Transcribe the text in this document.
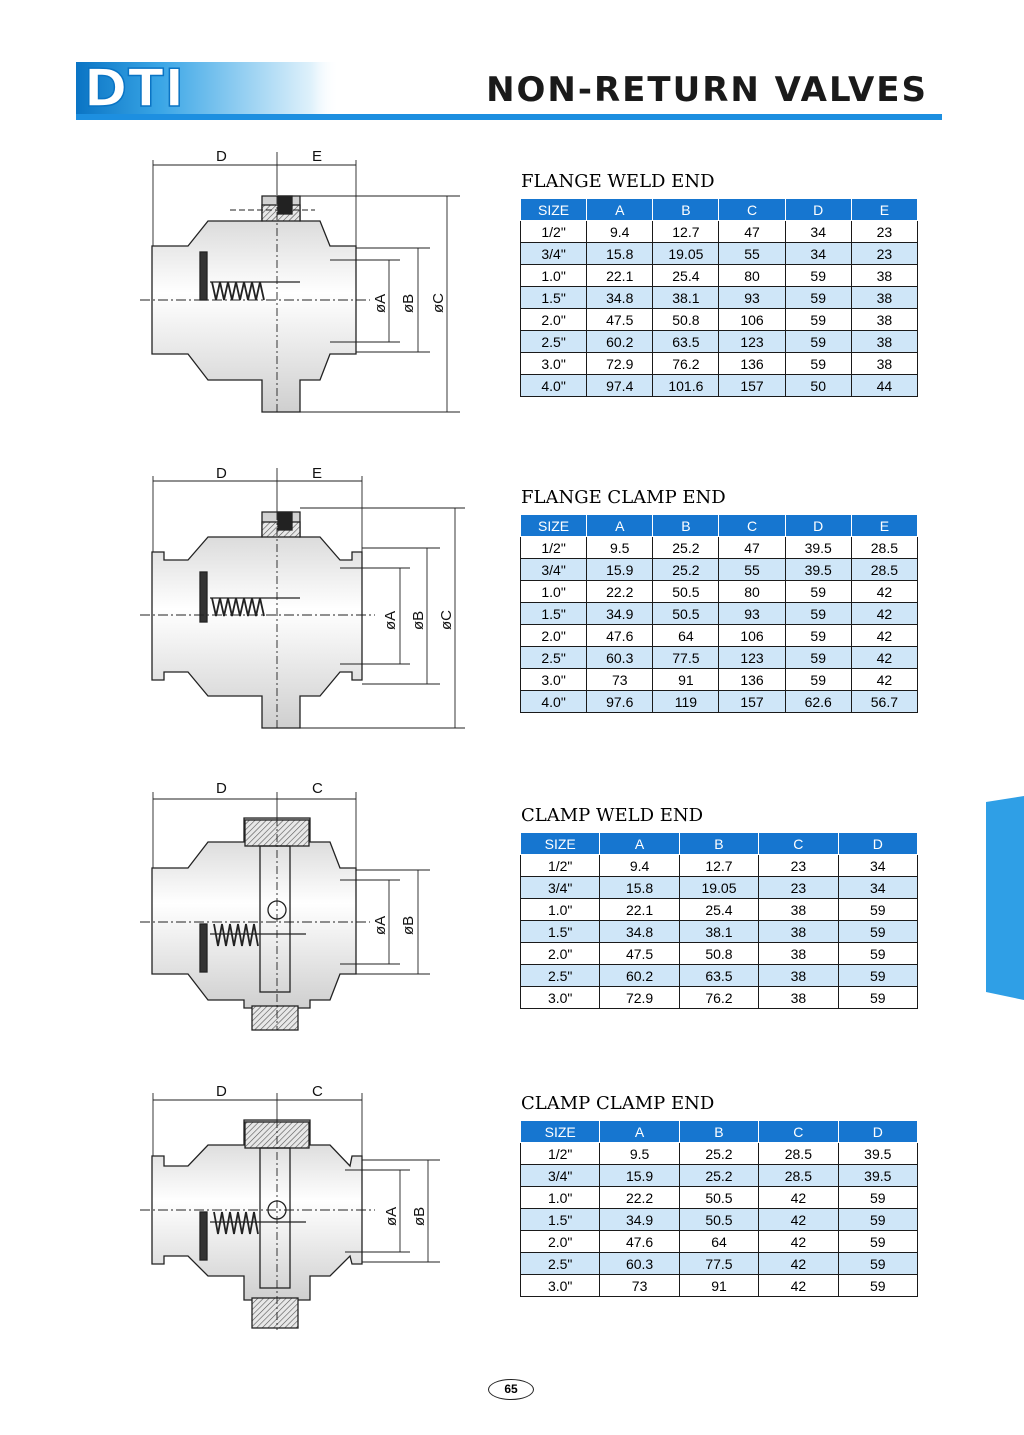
DTI	NON-RETURN VALVES
FLANGE WELD END
FLANGE CLAMP END
CLAMP WELD END
CLAMP CLAMP END
SIZE	A	B	C	D	E
1/2"	9.4	12.7	47	34	23
3/4"	15.8	19.05	55	34	23
1.0"	22.1	25.4	80	59	38
1.5"	34.8	38.1	93	59	38
2.0"	47.5	50.8	106	59	38
2.5"	60.2	63.5	123	59	38
3.0"	72.9	76.2	136	59	38
4.0"	97.4	101.6	157	50	44
SIZE	A	B	C	D	E
1/2"	9.5	25.2	47	39.5	28.5
3/4"	15.9	25.2	55	39.5	28.5
1.0"	22.2	50.5	80	59	42
1.5"	34.9	50.5	93	59	42
2.0"	47.6	64	106	59	42
2.5"	60.3	77.5	123	59	42
3.0"	73	91	136	59	42
4.0"	97.6	119	157	62.6	56.7
SIZE	A	B	C	D
1/2"	9.4	12.7	23	34
3/4"	15.8	19.05	23	34
1.0"	22.1	25.4	38	59
1.5"	34.8	38.1	38	59
2.0"	47.5	50.8	38	59
2.5"	60.2	63.5	38	59
3.0"	72.9	76.2	38	59
SIZE	A	B	C	D
1/2"	9.5	25.2	28.5	39.5
3/4"	15.9	25.2	28.5	39.5
1.0"	22.2	50.5	42	59
1.5"	34.9	50.5	42	59
2.0"	47.6	64	42	59
2.5"	60.3	77.5	42	59
3.0"	73	91	42	59
D	E
øA øB øC
D	E
øA øB øC
D	C
øA øB
D	C
øA øB
65
